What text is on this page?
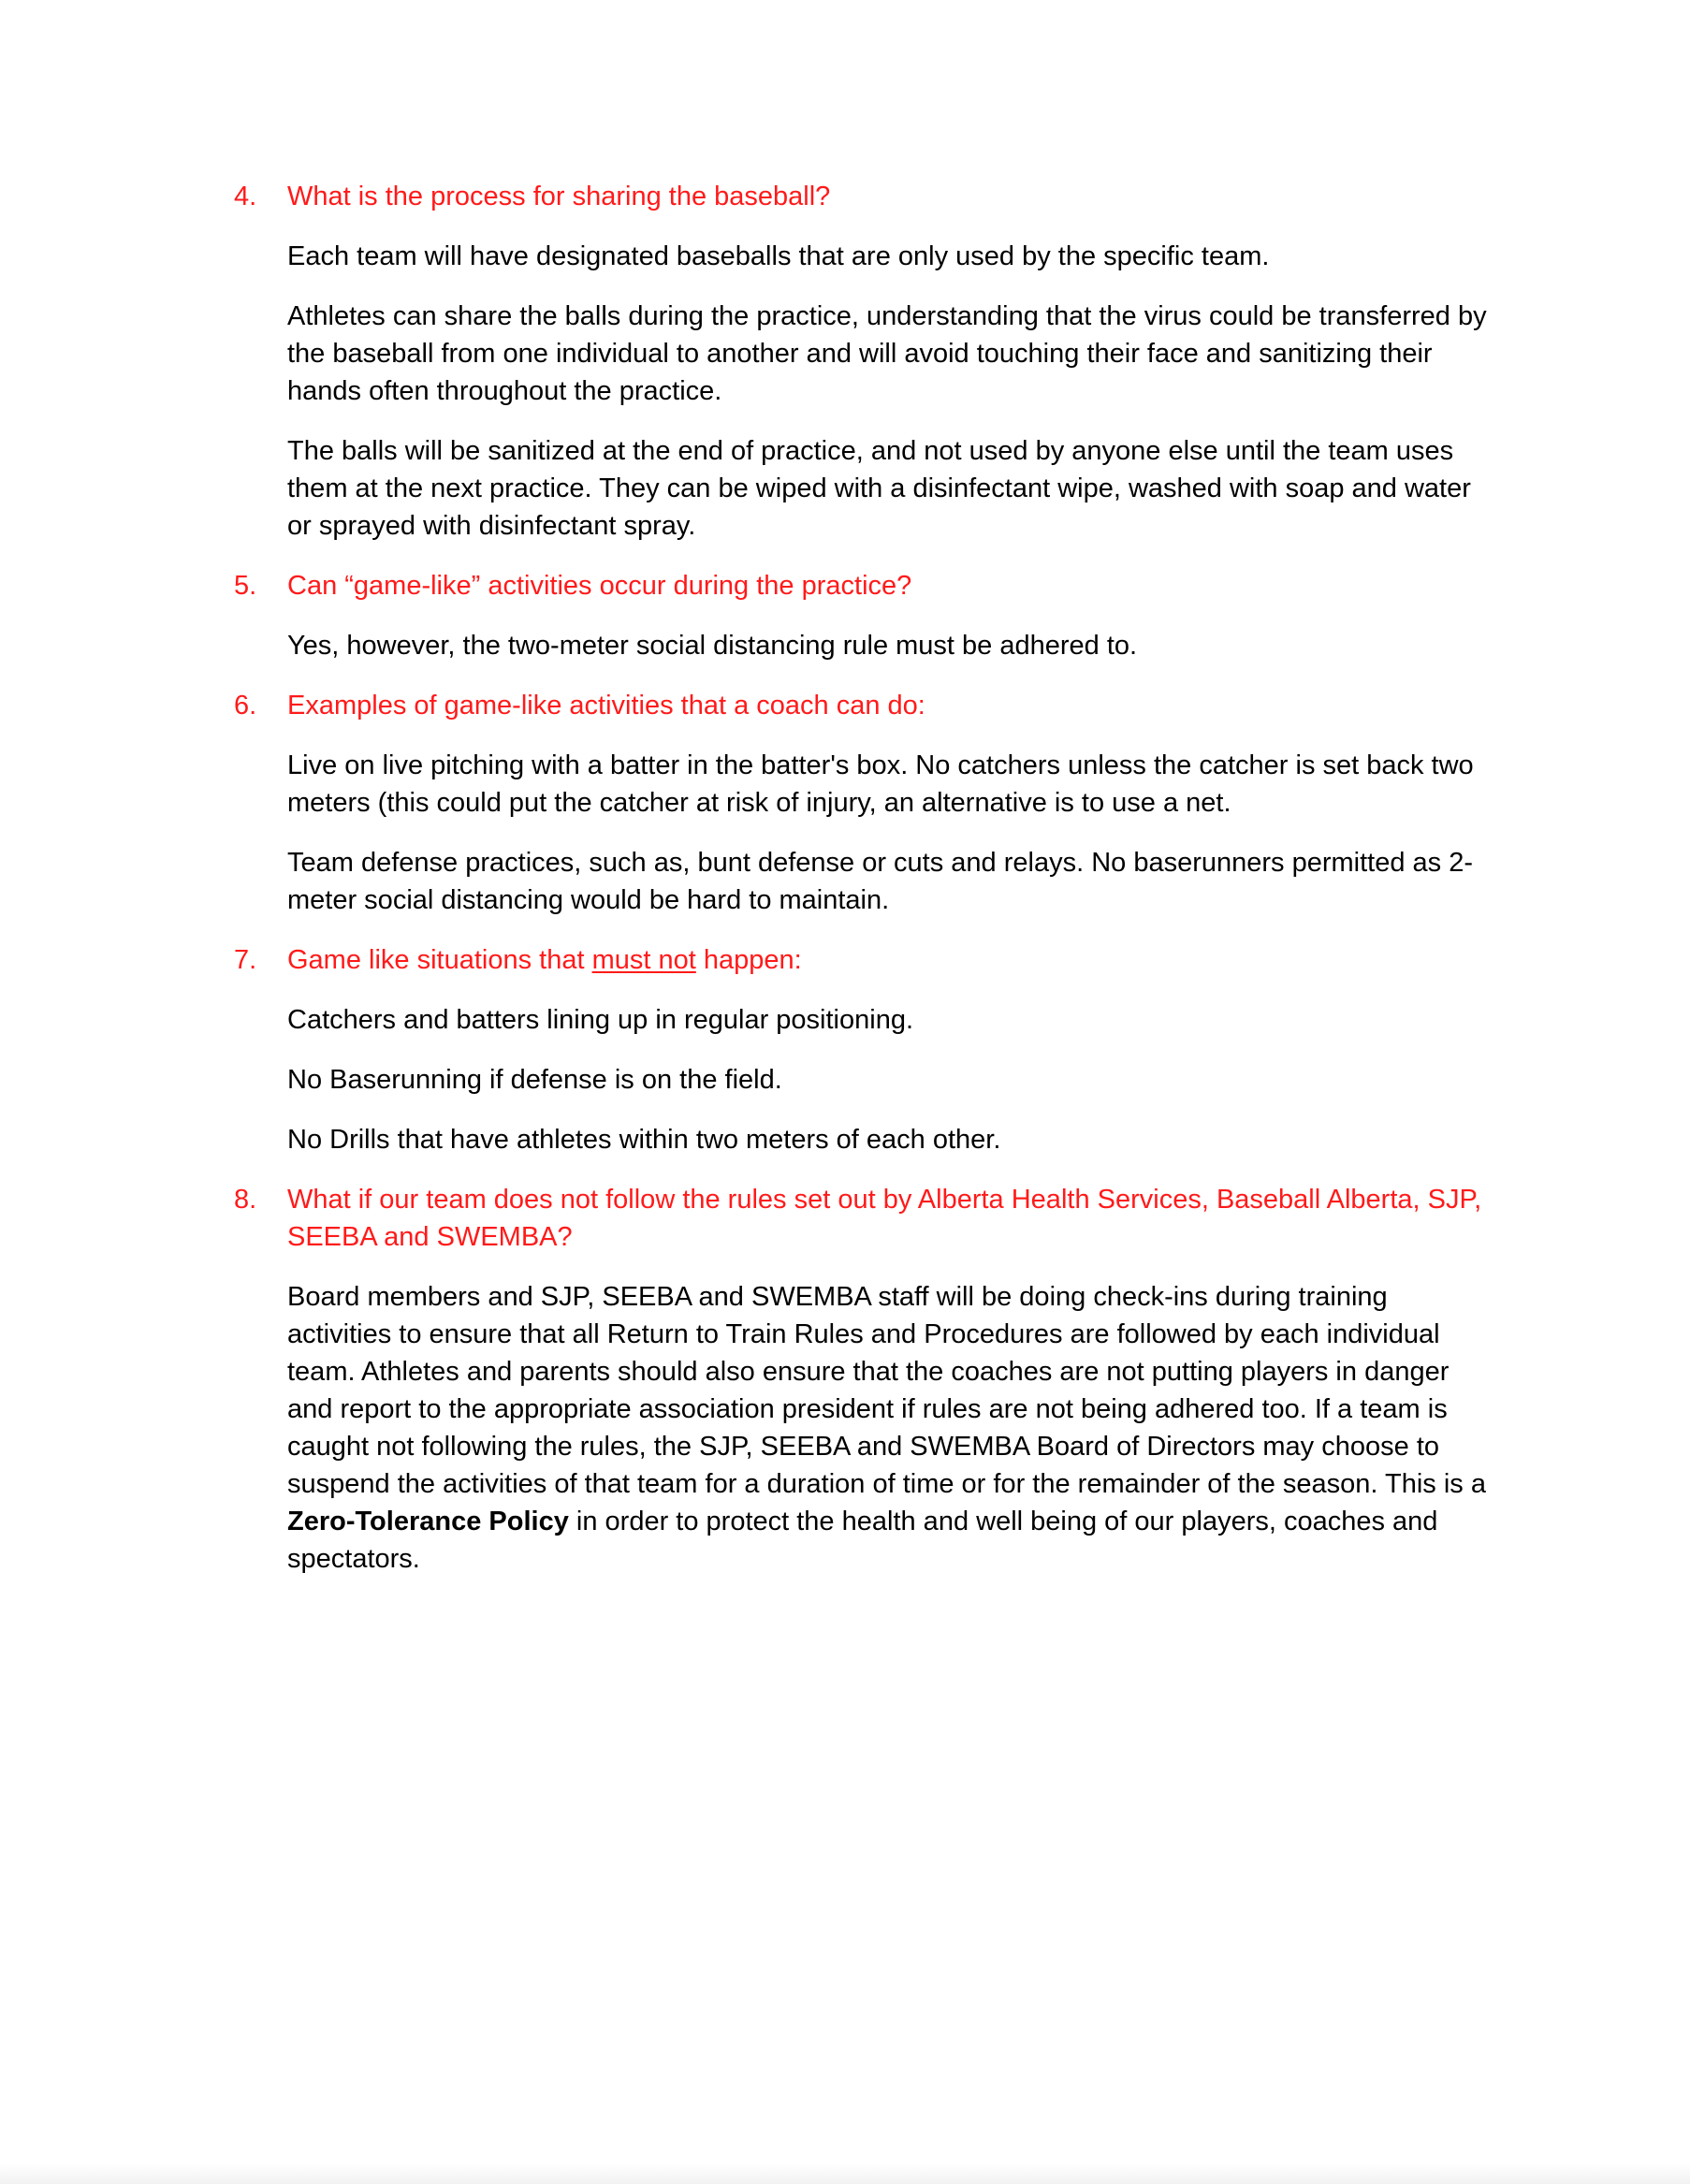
4.	What is the process for sharing the baseball?

Each team will have designated baseballs that are only used by the specific team.

Athletes can share the balls during the practice, understanding that the virus could be transferred by the baseball from one individual to another and will avoid touching their face and sanitizing their hands often throughout the practice.

The balls will be sanitized at the end of practice, and not used by anyone else until the team uses them at the next practice. They can be wiped with a disinfectant wipe, washed with soap and water or sprayed with disinfectant spray.

5.	Can “game-like” activities occur during the practice?

Yes, however, the two-meter social distancing rule must be adhered to.

6.	Examples of game-like activities that a coach can do:

Live on live pitching with a batter in the batter's box. No catchers unless the catcher is set back two meters (this could put the catcher at risk of injury, an alternative is to use a net.

Team defense practices, such as, bunt defense or cuts and relays. No baserunners permitted as 2-meter social distancing would be hard to maintain.

7.	Game like situations that must not happen:

Catchers and batters lining up in regular positioning.

No Baserunning if defense is on the field.

No Drills that have athletes within two meters of each other.

8.	What if our team does not follow the rules set out by Alberta Health Services, Baseball Alberta, SJP, SEEBA and SWEMBA?

Board members and SJP, SEEBA and SWEMBA staff will be doing check-ins during training activities to ensure that all Return to Train Rules and Procedures are followed by each individual team. Athletes and parents should also ensure that the coaches are not putting players in danger and report to the appropriate association president if rules are not being adhered too. If a team is caught not following the rules, the SJP, SEEBA and SWEMBA Board of Directors may choose to suspend the activities of that team for a duration of time or for the remainder of the season. This is a Zero-Tolerance Policy in order to protect the health and well being of our players, coaches and spectators.
